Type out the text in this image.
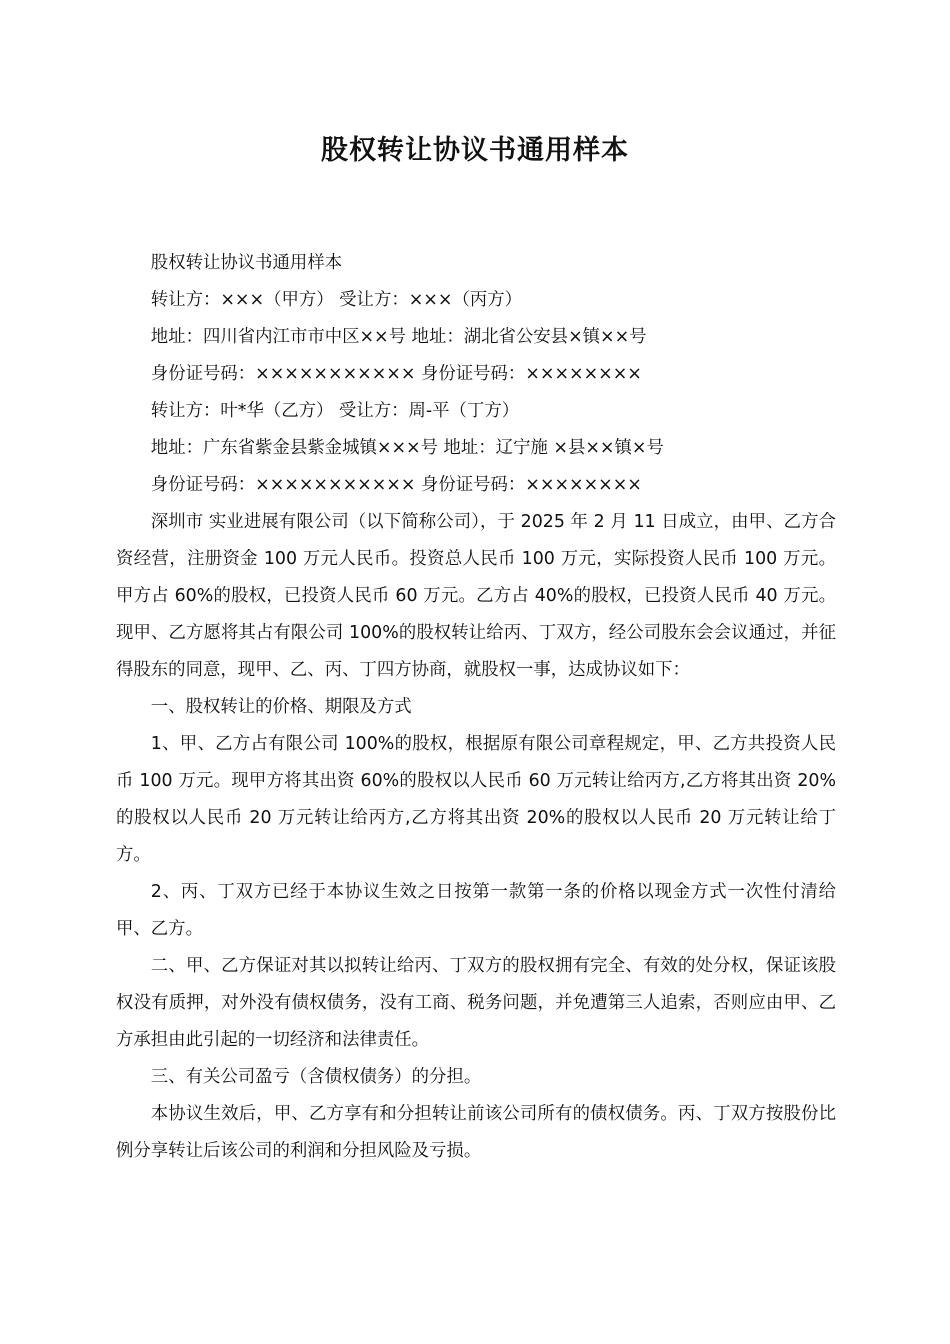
股权转让协议书通用样本

股权转让协议书通用样本

转让方：×××（甲方） 受让方：×××（丙方）

地址：四川省内江市市中区××号 地址：湖北省公安县×镇××号

身份证号码：××××××××××× 身份证号码：××××××××

转让方：叶*华（乙方） 受让方：周-平（丁方）

地址：广东省紫金县紫金城镇×××号 地址：辽宁施 ×县××镇×号

身份证号码：××××××××××× 身份证号码：××××××××

深圳市 实业进展有限公司（以下简称公司），于 2025 年 2 月 11 日成立，由甲、乙方合资经营，注册资金 100 万元人民币。投资总人民币 100 万元，实际投资人民币 100 万元。甲方占 60%的股权，已投资人民币 60 万元。乙方占 40%的股权，已投资人民币 40 万元。现甲、乙方愿将其占有限公司 100%的股权转让给丙、丁双方，经公司股东会会议通过，并征得股东的同意，现甲、乙、丙、丁四方协商，就股权一事，达成协议如下：

一、股权转让的价格、期限及方式

1、甲、乙方占有限公司 100%的股权，根据原有限公司章程规定，甲、乙方共投资人民币 100 万元。现甲方将其出资 60%的股权以人民币 60 万元转让给丙方,乙方将其出资 20%的股权以人民币 20 万元转让给丙方,乙方将其出资 20%的股权以人民币 20 万元转让给丁方。

2、丙、丁双方已经于本协议生效之日按第一款第一条的价格以现金方式一次性付清给甲、乙方。

二、甲、乙方保证对其以拟转让给丙、丁双方的股权拥有完全、有效的处分权，保证该股权没有质押，对外没有债权债务，没有工商、税务问题，并免遭第三人追索，否则应由甲、乙方承担由此引起的一切经济和法律责任。

三、有关公司盈亏（含债权债务）的分担。

本协议生效后，甲、乙方享有和分担转让前该公司所有的债权债务。丙、丁双方按股份比例分享转让后该公司的利润和分担风险及亏损。
